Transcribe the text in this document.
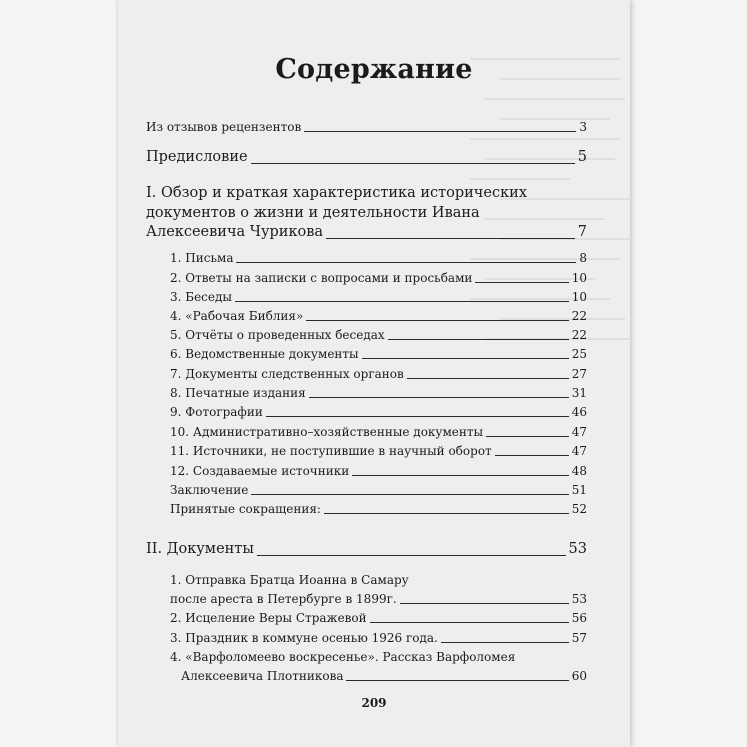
Содержание
Из отзывов рецензентов	3
Предисловие	5
I. Обзор и краткая характеристика исторических
документов о жизни и деятельности Ивана
Алексеевича Чурикова	7
1. Письма	8
2. Ответы на записки с вопросами и просьбами	10
3. Беседы	10
4. «Рабочая Библия»	22
5. Отчёты о проведенных беседах	22
6. Ведомственные документы	25
7. Документы следственных органов	27
8. Печатные издания	31
9. Фотографии	46
10. Административно–хозяйственные документы	47
11. Источники, не поступившие в научный оборот	47
12. Создаваемые источники	48
Заключение	51
Принятые сокращения:	52
II. Документы	53
1. Отправка Братца Иоанна в Самару
после ареста в Петербурге в 1899г.	53
2. Исцеление Веры Стражевой	56
3. Праздник в коммуне осенью 1926 года.	57
4. «Варфоломеево воскресенье». Рассказ Варфоломея
Алексеевича Плотникова	60
209
